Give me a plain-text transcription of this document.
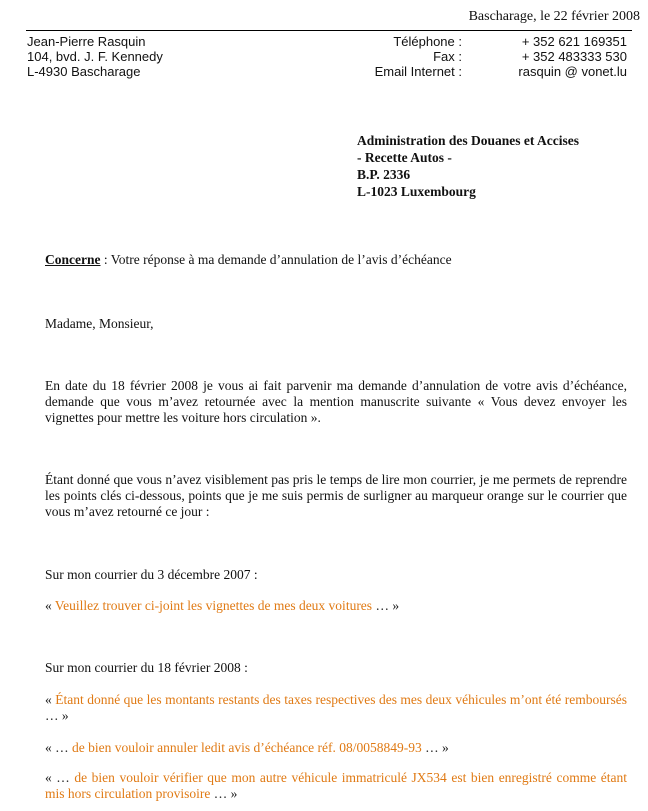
Bascharage, le 22 février 2008
Jean-Pierre Rasquin
104, bvd. J. F. Kennedy
L-4930 Bascharage
Téléphone :
Fax :
Email Internet :
+ 352 621 169351
+ 352 483333 530
rasquin @ vonet.lu
Administration des Douanes et Accises
- Recette Autos -
B.P. 2336
L-1023 Luxembourg
Concerne : Votre réponse à ma demande d’annulation de l’avis d’échéance
Madame, Monsieur,
En date du 18 février 2008 je vous ai fait parvenir ma demande d’annulation de votre avis d’échéance, demande que vous m’avez retournée avec la mention manuscrite suivante « Vous devez envoyer les vignettes pour mettre les voiture hors circulation ».
Étant donné que vous n’avez visiblement pas pris le temps de lire mon courrier, je me permets de reprendre les points clés ci-dessous, points que je me suis permis de surligner au marqueur orange sur le courrier que vous m’avez retourné ce jour :
Sur mon courrier du 3 décembre 2007 :
« Veuillez trouver ci-joint les vignettes de mes deux voitures … »
Sur mon courrier du 18 février 2008 :
« Étant donné que les montants restants des taxes respectives des mes deux véhicules m’ont été remboursés … »
« … de bien vouloir annuler ledit avis d’échéance réf. 08/0058849-93 … »
« … de bien vouloir vérifier que mon autre véhicule immatriculé JX534 est bien enregistré comme étant mis hors circulation provisoire … »
